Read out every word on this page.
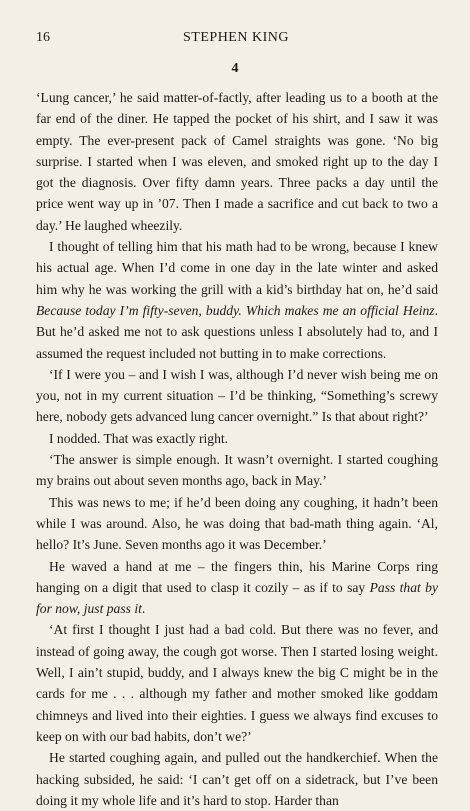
16	STEPHEN KING
4

‘Lung cancer,’ he said matter-of-factly, after leading us to a booth at the far end of the diner. He tapped the pocket of his shirt, and I saw it was empty. The ever-present pack of Camel straights was gone. ‘No big surprise. I started when I was eleven, and smoked right up to the day I got the diagnosis. Over fifty damn years. Three packs a day until the price went way up in ’07. Then I made a sacrifice and cut back to two a day.’ He laughed wheezily.

I thought of telling him that his math had to be wrong, because I knew his actual age. When I’d come in one day in the late winter and asked him why he was working the grill with a kid’s birthday hat on, he’d said Because today I’m fifty-seven, buddy. Which makes me an official Heinz. But he’d asked me not to ask questions unless I absolutely had to, and I assumed the request included not butting in to make corrections.

‘If I were you – and I wish I was, although I’d never wish being me on you, not in my current situation – I’d be thinking, “Something’s screwy here, nobody gets advanced lung cancer overnight.” Is that about right?’

I nodded. That was exactly right.

‘The answer is simple enough. It wasn’t overnight. I started coughing my brains out about seven months ago, back in May.’

This was news to me; if he’d been doing any coughing, it hadn’t been while I was around. Also, he was doing that bad-math thing again. ‘Al, hello? It’s June. Seven months ago it was December.’

He waved a hand at me – the fingers thin, his Marine Corps ring hanging on a digit that used to clasp it cozily – as if to say Pass that by for now, just pass it.

‘At first I thought I just had a bad cold. But there was no fever, and instead of going away, the cough got worse. Then I started losing weight. Well, I ain’t stupid, buddy, and I always knew the big C might be in the cards for me . . . although my father and mother smoked like goddam chimneys and lived into their eighties. I guess we always find excuses to keep on with our bad habits, don’t we?’

He started coughing again, and pulled out the handkerchief. When the hacking subsided, he said: ‘I can’t get off on a sidetrack, but I’ve been doing it my whole life and it’s hard to stop. Harder than
